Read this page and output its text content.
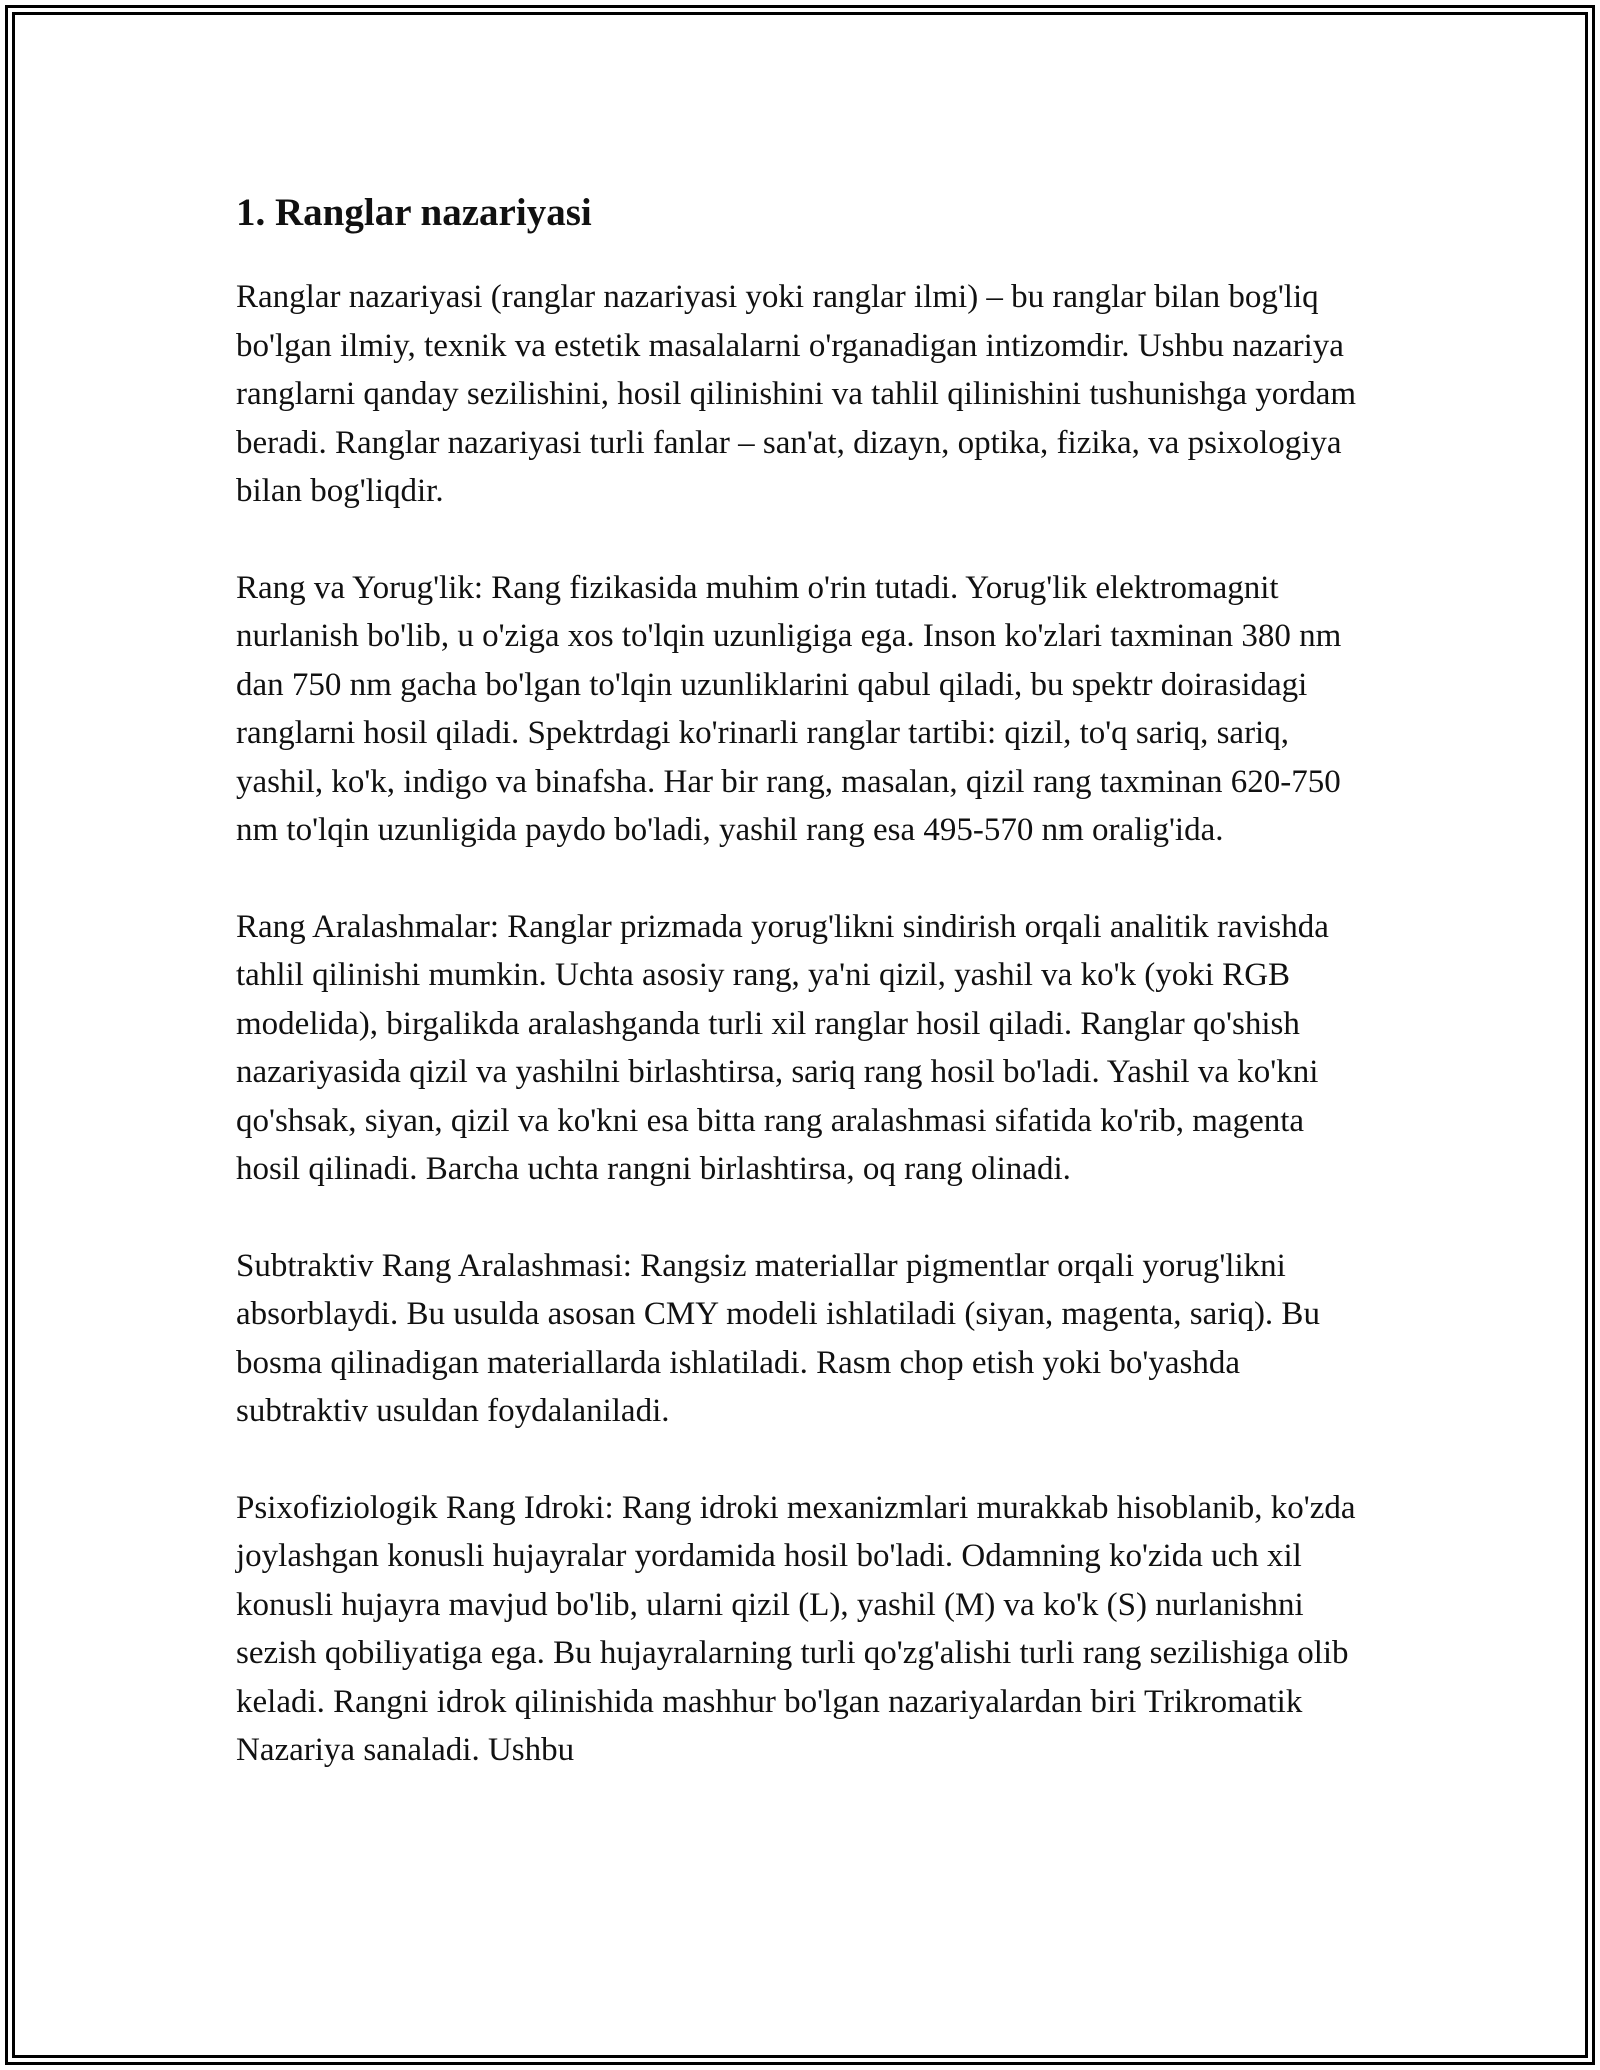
1. Ranglar nazariyasi

Ranglar nazariyasi (ranglar nazariyasi yoki ranglar ilmi) – bu ranglar bilan bog'liq bo'lgan ilmiy, texnik va estetik masalalarni o'rganadigan intizomdir. Ushbu nazariya ranglarni qanday sezilishini, hosil qilinishini va tahlil qilinishini tushunishga yordam beradi. Ranglar nazariyasi turli fanlar – san'at, dizayn, optika, fizika, va psixologiya bilan bog'liqdir.

Rang va Yorug'lik: Rang fizikasida muhim o'rin tutadi. Yorug'lik elektromagnit nurlanish bo'lib, u o'ziga xos to'lqin uzunligiga ega. Inson ko'zlari taxminan 380 nm dan 750 nm gacha bo'lgan to'lqin uzunliklarini qabul qiladi, bu spektr doirasidagi ranglarni hosil qiladi. Spektrdagi ko'rinarli ranglar tartibi: qizil, to'q sariq, sariq, yashil, ko'k, indigo va binafsha. Har bir rang, masalan, qizil rang taxminan 620-750 nm to'lqin uzunligida paydo bo'ladi, yashil rang esa 495-570 nm oralig'ida.

Rang Aralashmalar: Ranglar prizmada yorug'likni sindirish orqali analitik ravishda tahlil qilinishi mumkin. Uchta asosiy rang, ya'ni qizil, yashil va ko'k (yoki RGB modelida), birgalikda aralashganda turli xil ranglar hosil qiladi. Ranglar qo'shish nazariyasida qizil va yashilni birlashtirsa, sariq rang hosil bo'ladi. Yashil va ko'kni qo'shsak, siyan, qizil va ko'kni esa bitta rang aralashmasi sifatida ko'rib, magenta hosil qilinadi. Barcha uchta rangni birlashtirsa, oq rang olinadi.

Subtraktiv Rang Aralashmasi: Rangsiz materiallar pigmentlar orqali yorug'likni absorblaydi. Bu usulda asosan CMY modeli ishlatiladi (siyan, magenta, sariq). Bu bosma qilinadigan materiallarda ishlatiladi. Rasm chop etish yoki bo'yashda subtraktiv usuldan foydalaniladi.

Psixofiziologik Rang Idroki: Rang idroki mexanizmlari murakkab hisoblanib, ko'zda joylashgan konusli hujayralar yordamida hosil bo'ladi. Odamning ko'zida uch xil konusli hujayra mavjud bo'lib, ularni qizil (L), yashil (M) va ko'k (S) nurlanishni sezish qobiliyatiga ega. Bu hujayralarning turli qo'zg'alishi turli rang sezilishiga olib keladi. Rangni idrok qilinishida mashhur bo'lgan nazariyalardan biri Trikromatik Nazariya sanaladi. Ushbu
